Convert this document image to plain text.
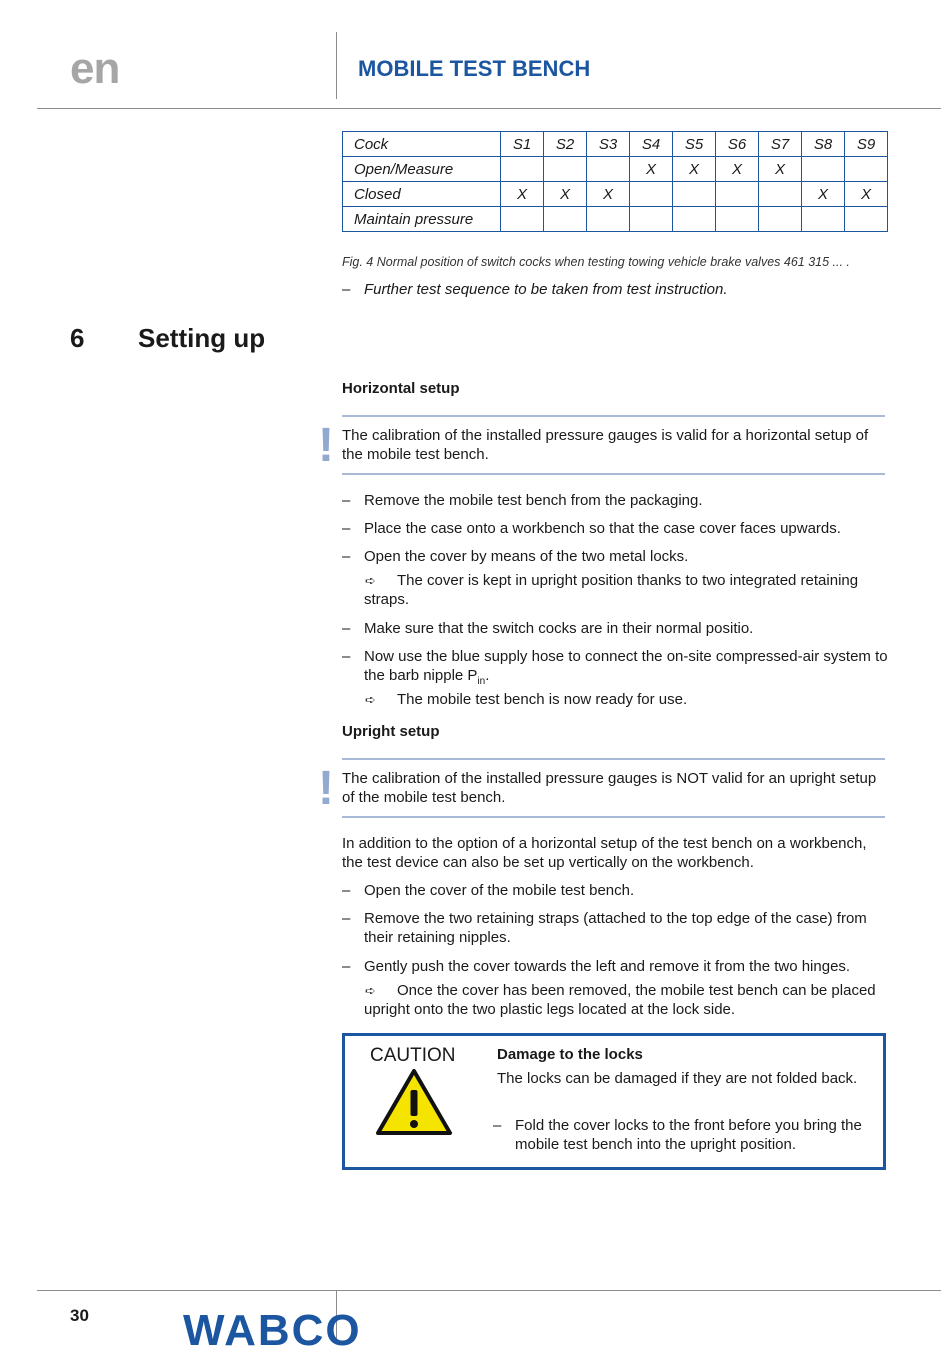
en	MOBILE TEST BENCH
Cock	S1	S2	S3	S4	S5	S6	S7	S8	S9
Open/Measure				X	X	X	X		
Closed	X	X	X					X	X
Maintain pressure									
Fig. 4 Normal position of switch cocks when testing towing vehicle brake valves 461 315 ... .
– Further test sequence to be taken from test instruction.
6 Setting up
Horizontal setup
! The calibration of the installed pressure gauges is valid for a horizontal setup of the mobile test bench.
– Remove the mobile test bench from the packaging.
– Place the case onto a workbench so that the case cover faces upwards.
– Open the cover by means of the two metal locks.
➪	The cover is kept in upright position thanks to two integrated retaining straps.
– Make sure that the switch cocks are in their normal positio.
– Now use the blue supply hose to connect the on-site compressed-air system to the barb nipple $P_{in}$.
➪	The mobile test bench is now ready for use.
Upright setup
! The calibration of the installed pressure gauges is NOT valid for an upright setup of the mobile test bench.
In addition to the option of a horizontal setup of the test bench on a workbench, the test device can also be set up vertically on the workbench.
– Open the cover of the mobile test bench.
– Remove the two retaining straps (attached to the top edge of the case) from their retaining nipples.
– Gently push the cover towards the left and remove it from the two hinges.
➪	Once the cover has been removed, the mobile test bench can be placed upright onto the two plastic legs located at the lock side.
CAUTION	Damage to the locks
The locks can be damaged if they are not folded back.
– Fold the cover locks to the front before you bring the mobile test bench into the upright position.
30 WABCO
